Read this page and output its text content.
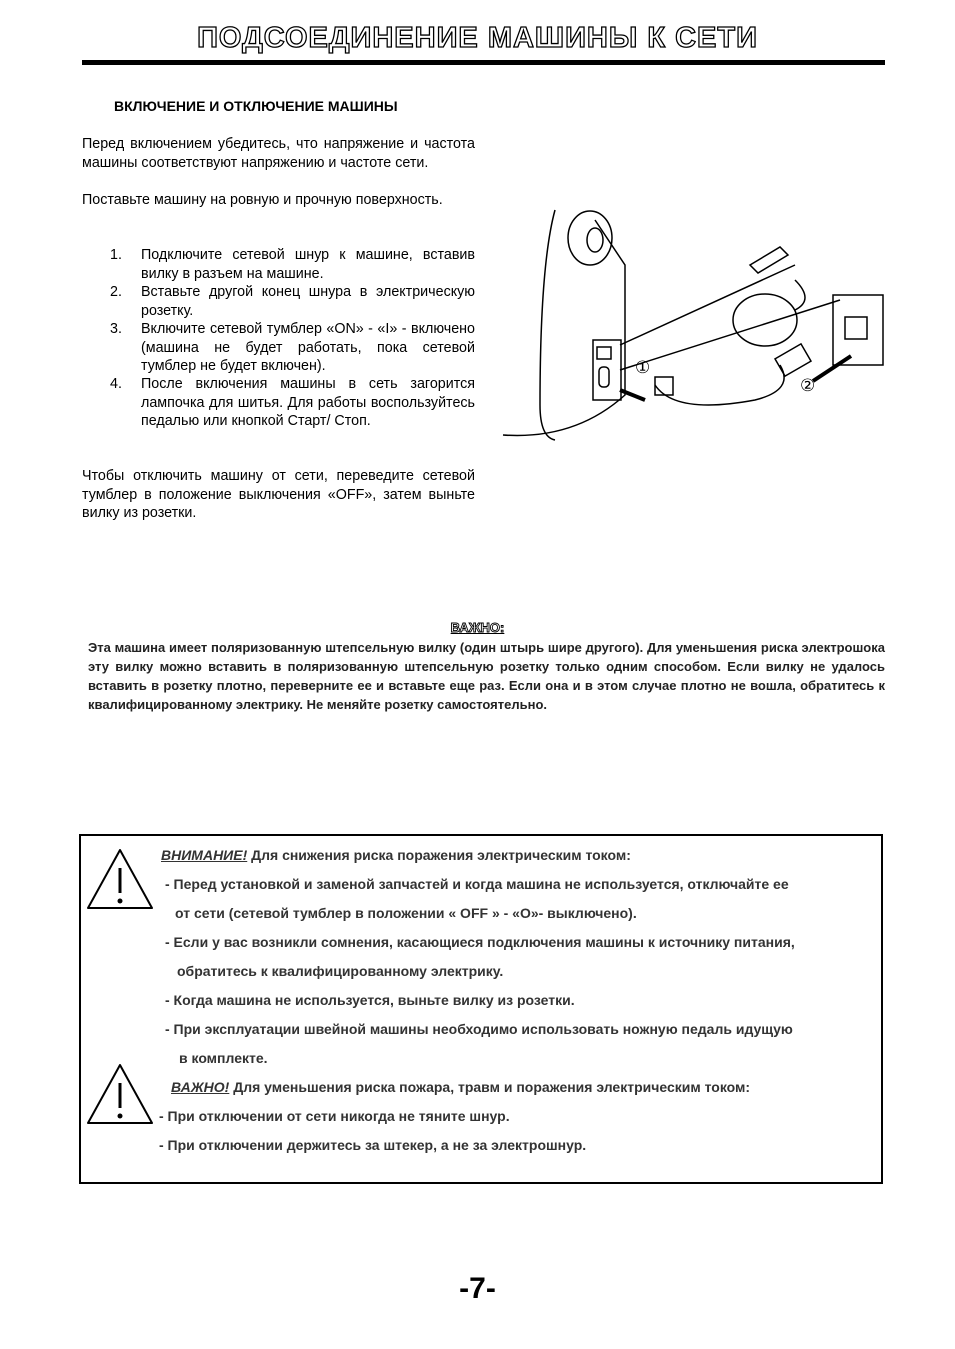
ПОДСОЕДИНЕНИЕ МАШИНЫ К СЕТИ
ВКЛЮЧЕНИЕ И ОТКЛЮЧЕНИЕ МАШИНЫ
Перед включением убедитесь, что напряжение и частота машины соответствуют напряжению и частоте сети.
Поставьте машину на ровную и прочную поверхность.
1. Подключите сетевой шнур к машине, вставив вилку в разъем на машине.
2. Вставьте другой конец шнура в электрическую розетку.
3. Включите сетевой тумблер «ON» - «I» - включено (машина не будет работать, пока сетевой тумблер не будет включен).
4. После включения машины в сеть загорится лампочка для шитья. Для работы воспользуйтесь педалью или кнопкой Старт/ Стоп.
Чтобы отключить машину от сети, переведите сетевой тумблер в положение выключения «OFF», затем выньте вилку из розетки.
①
②
ВАЖНО:
Эта машина имеет поляризованную штепсельную вилку (один штырь шире другого). Для уменьшения риска электрошока эту вилку можно вставить в поляризованную штепсельную розетку только одним способом. Если вилку не удалось вставить в розетку плотно, переверните ее и вставьте еще раз. Если она и в этом случае плотно не вошла, обратитесь к квалифицированному электрику. Не меняйте розетку самостоятельно.
ВНИМАНИЕ! Для снижения риска поражения электрическим током:
- Перед установкой и заменой запчастей и когда машина не используется, отключайте ее
от сети (сетевой тумблер в положении « OFF » - «O»- выключено).
- Если у вас возникли сомнения, касающиеся подключения машины к источнику питания,
обратитесь к квалифицированному электрику.
- Когда машина не используется, выньте вилку из розетки.
- При эксплуатации швейной машины необходимо использовать ножную педаль идущую
в комплекте.
ВАЖНО! Для уменьшения риска пожара, травм и поражения электрическим током:
- При отключении от сети никогда не тяните шнур.
- При отключении держитесь за штекер, а не за электрошнур.
-7-
